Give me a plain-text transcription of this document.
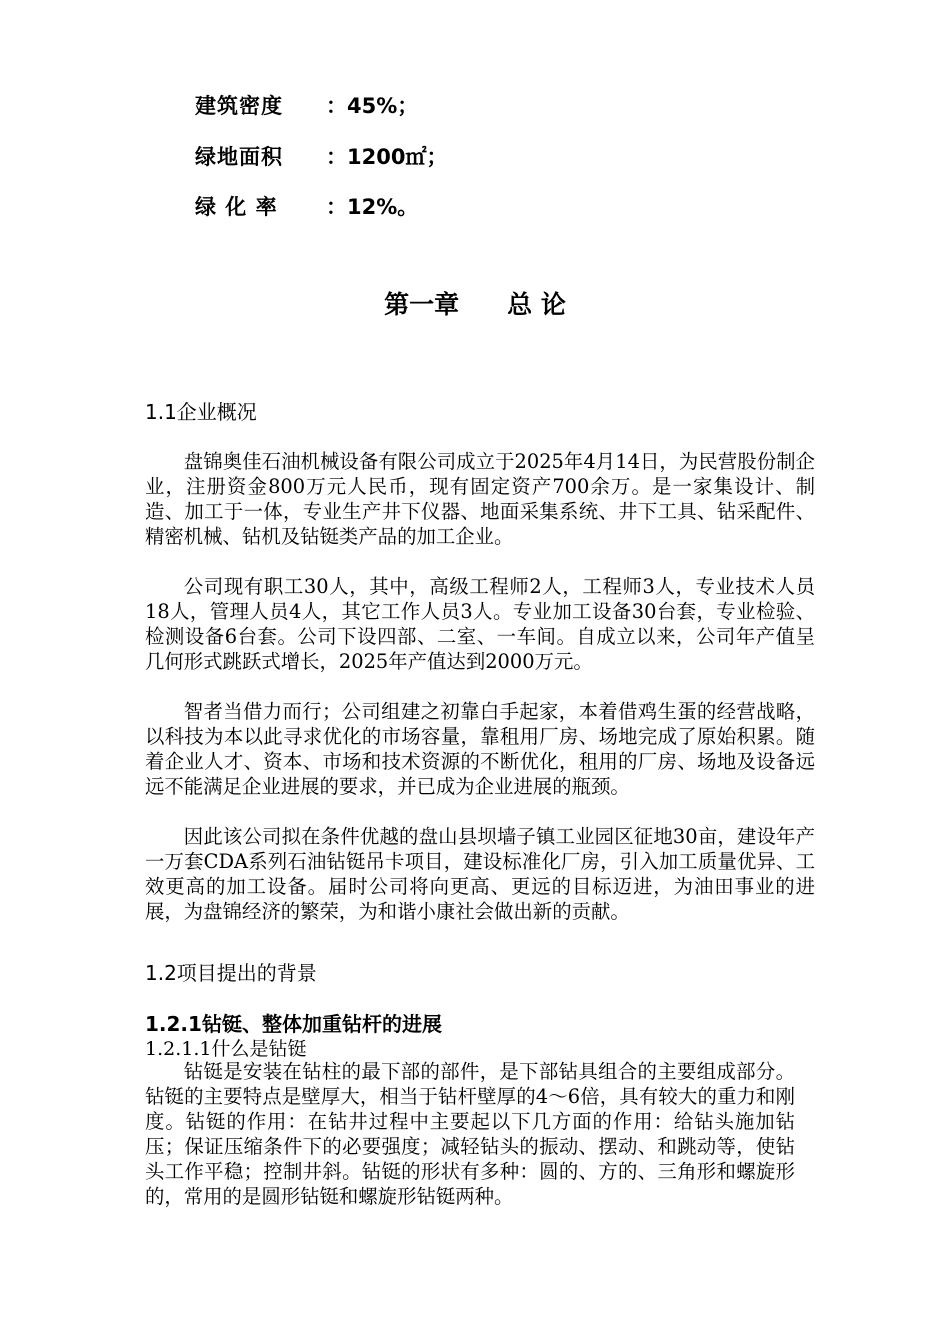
建筑密度 ：45%；
绿地面积 ：1200㎡；
绿 化 率 ：12%。
第一章 总 论
1.1企业概况
盘锦奥佳石油机械设备有限公司成立于2025年4月14日，为民营股份制企业，注册资金800万元人民币，现有固定资产700余万。是一家集设计、制造、加工于一体，专业生产井下仪器、地面采集系统、井下工具、钻采配件、精密机械、钻机及钻铤类产品的加工企业。
公司现有职工30人，其中，高级工程师2人，工程师3人，专业技术人员18人，管理人员4人，其它工作人员3人。专业加工设备30台套，专业检验、检测设备6台套。公司下设四部、二室、一车间。自成立以来，公司年产值呈几何形式跳跃式增长，2025年产值达到2000万元。
智者当借力而行；公司组建之初靠白手起家，本着借鸡生蛋的经营战略，以科技为本以此寻求优化的市场容量，靠租用厂房、场地完成了原始积累。随着企业人才、资本、市场和技术资源的不断优化，租用的厂房、场地及设备远远不能满足企业进展的要求，并已成为企业进展的瓶颈。
因此该公司拟在条件优越的盘山县坝墙子镇工业园区征地30亩，建设年产一万套CDA系列石油钻铤吊卡项目，建设标准化厂房，引入加工质量优异、工效更高的加工设备。届时公司将向更高、更远的目标迈进，为油田事业的进展，为盘锦经济的繁荣，为和谐小康社会做出新的贡献。
1.2项目提出的背景
1.2.1钻铤、整体加重钻杆的进展
1.2.1.1什么是钻铤
钻铤是安装在钻柱的最下部的部件，是下部钻具组合的主要组成部分。钻铤的主要特点是壁厚大，相当于钻杆壁厚的4～6倍，具有较大的重力和刚度。钻铤的作用：在钻井过程中主要起以下几方面的作用：给钻头施加钻压；保证压缩条件下的必要强度；减轻钻头的振动、摆动、和跳动等，使钻头工作平稳；控制井斜。钻铤的形状有多种：圆的、方的、三角形和螺旋形的，常用的是圆形钻铤和螺旋形钻铤两种。
